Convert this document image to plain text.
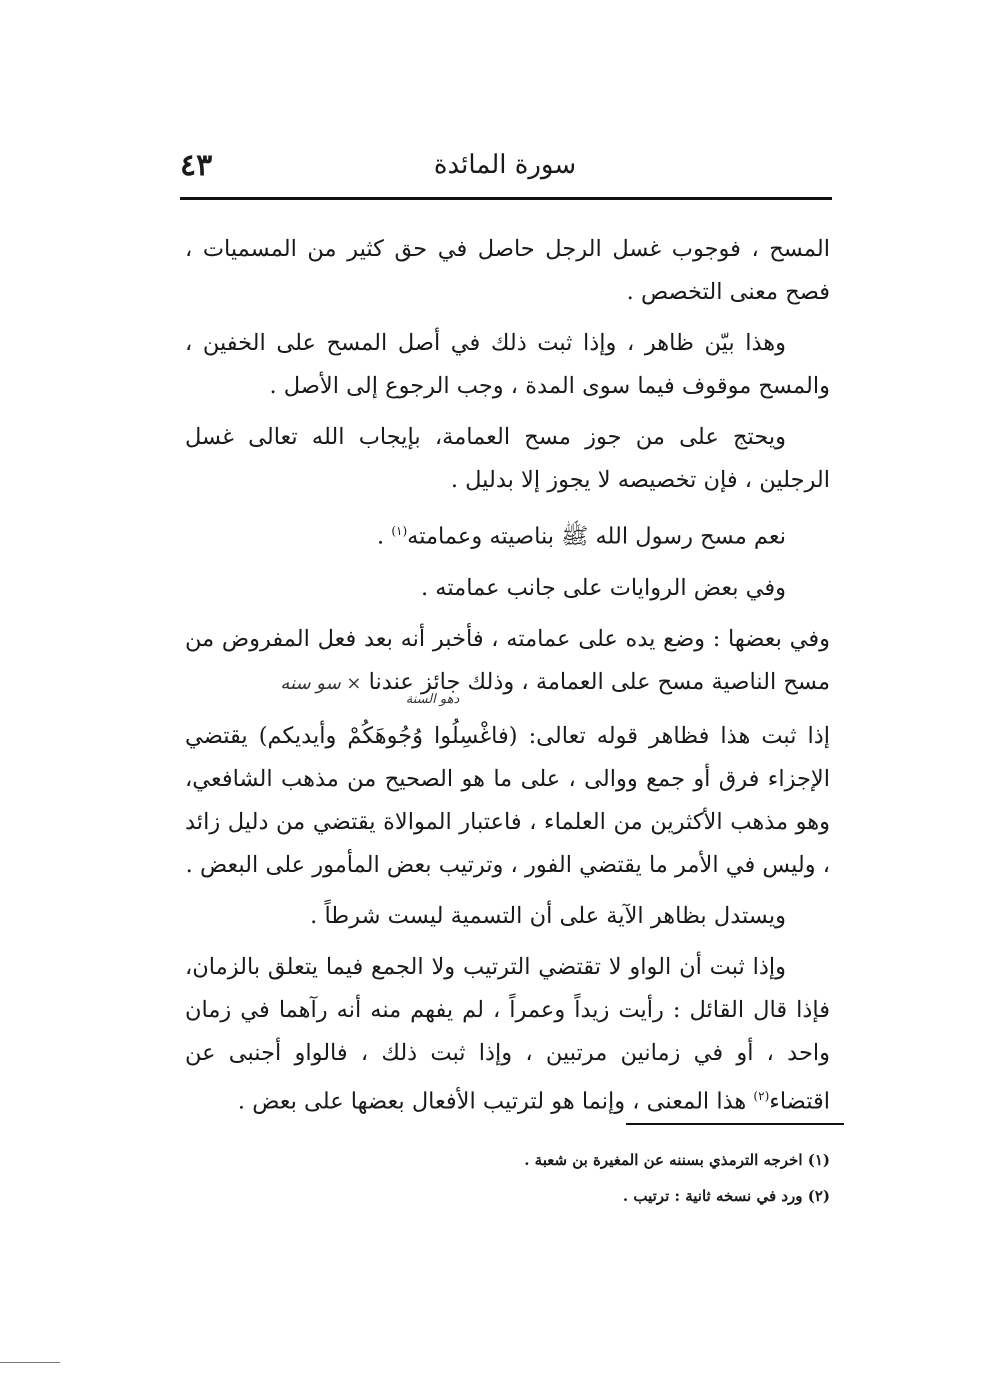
٤٣	سورة المائدة

المسح ، فوجوب غسل الرجل حاصل في حق كثير من المسميات ، فصح معنى التخصص .

وهذا بيّن ظاهر ، وإذا ثبت ذلك في أصل المسح على الخفين ، والمسح موقوف فيما سوى المدة ، وجب الرجوع إلى الأصل .

ويحتج على من جوز مسح العمامة، بإيجاب الله تعالى غسل الرجلين ، فإن تخصيصه لا يجوز إلا بدليل .

نعم مسح رسول الله ﷺ بناصيته وعمامته$^{(١)}$ .

وفي بعض الروايات على جانب عمامته .

وفي بعضها : وضع يده على عمامته ، فأخبر أنه بعد فعل المفروض من مسح الناصية مسح على العمامة ، وذلك جائز عندنا × سو سنه
دهو السنة

إذا ثبت هذا فظاهر قوله تعالى: (فاغْسِلُوا وُجُوهَكُمْ وأيديكم) يقتضي الإجزاء فرق أو جمع ووالى ، على ما هو الصحيح من مذهب الشافعي، وهو مذهب الأكثرين من العلماء ، فاعتبار الموالاة يقتضي من دليل زائد ، وليس في الأمر ما يقتضي الفور ، وترتيب بعض المأمور على البعض .

ويستدل بظاهر الآية على أن التسمية ليست شرطاً .

وإذا ثبت أن الواو لا تقتضي الترتيب ولا الجمع فيما يتعلق بالزمان، فإذا قال القائل : رأيت زيداً وعمراً ، لم يفهم منه أنه رآهما في زمان واحد ، أو في زمانين مرتبين ، وإذا ثبت ذلك ، فالواو أجنبى عن اقتضاء$^{(٢)}$ هذا المعنى ، وإنما هو لترتيب الأفعال بعضها على بعض .

(١) اخرجه الترمذي بسننه عن المغيرة بن شعبة .

(٢) ورد في نسخه ثانية : ترتيب .
